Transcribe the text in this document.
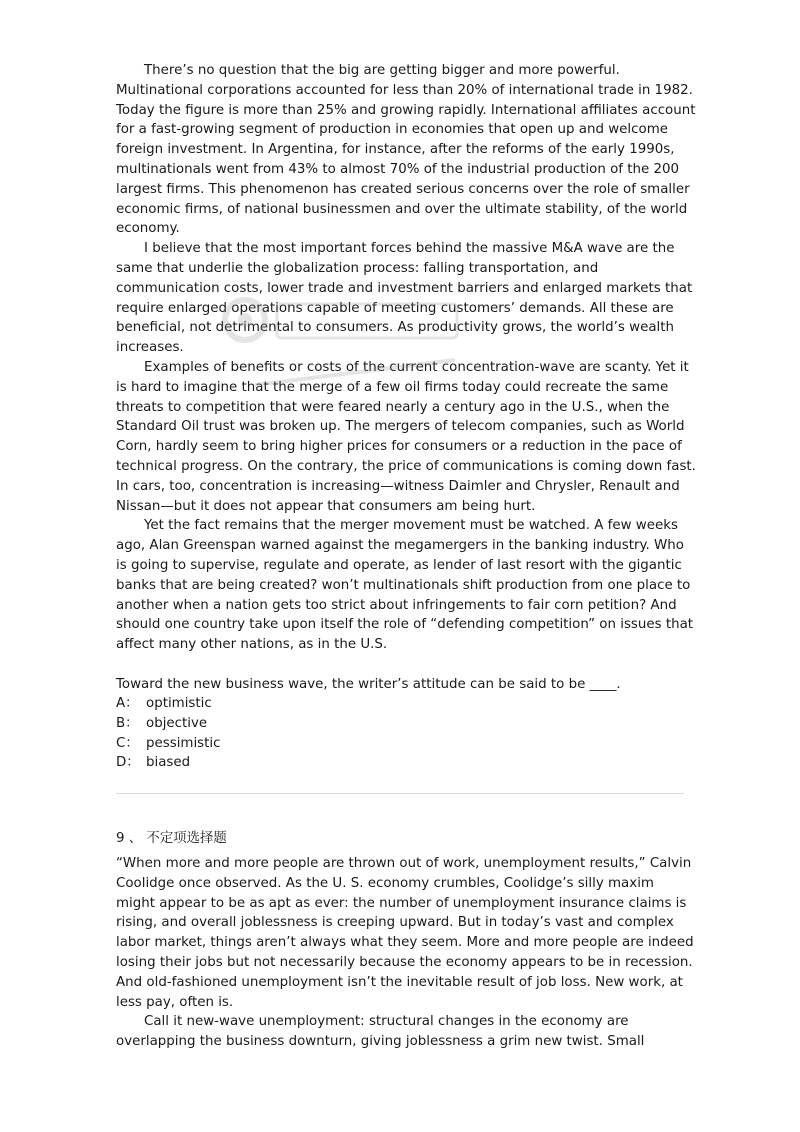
There’s no question that the big are getting bigger and more powerful. Multinational corporations accounted for less than 20% of international trade in 1982. Today the figure is more than 25% and growing rapidly. International affiliates account for a fast-growing segment of production in economies that open up and welcome foreign investment. In Argentina, for instance, after the reforms of the early 1990s, multinationals went from 43% to almost 70% of the industrial production of the 200 largest firms. This phenomenon has created serious concerns over the role of smaller economic firms, of national businessmen and over the ultimate stability, of the world economy.

I believe that the most important forces behind the massive M&A wave are the same that underlie the globalization process: falling transportation, and communication costs, lower trade and investment barriers and enlarged markets that require enlarged operations capable of meeting customers’ demands. All these are beneficial, not detrimental to consumers. As productivity grows, the world’s wealth increases.

Examples of benefits or costs of the current concentration-wave are scanty. Yet it is hard to imagine that the merge of a few oil firms today could recreate the same threats to competition that were feared nearly a century ago in the U.S., when the Standard Oil trust was broken up. The mergers of telecom companies, such as World Corn, hardly seem to bring higher prices for consumers or a reduction in the pace of technical progress. On the contrary, the price of communications is coming down fast. In cars, too, concentration is increasing—witness Daimler and Chrysler, Renault and Nissan—but it does not appear that consumers am being hurt.

Yet the fact remains that the merger movement must be watched. A few weeks ago, Alan Greenspan warned against the megamergers in the banking industry. Who is going to supervise, regulate and operate, as lender of last resort with the gigantic banks that are being created? won’t multinationals shift production from one place to another when a nation gets too strict about infringements to fair corn petition? And should one country take upon itself the role of “defending competition” on issues that affect many other nations, as in the U.S.

Toward the new business wave, the writer’s attitude can be said to be ____.
A： optimistic
B： objective
C： pessimistic
D： biased
9 、 不定项选择题

“When more and more people are thrown out of work, unemployment results,” Calvin Coolidge once observed. As the U. S. economy crumbles, Coolidge’s silly maxim might appear to be as apt as ever: the number of unemployment insurance claims is rising, and overall joblessness is creeping upward. But in today’s vast and complex labor market, things aren’t always what they seem. More and more people are indeed losing their jobs but not necessarily because the economy appears to be in recession. And old-fashioned unemployment isn’t the inevitable result of job loss. New work, at less pay, often is.

Call it new-wave unemployment: structural changes in the economy are overlapping the business downturn, giving joblessness a grim new twist. Small
